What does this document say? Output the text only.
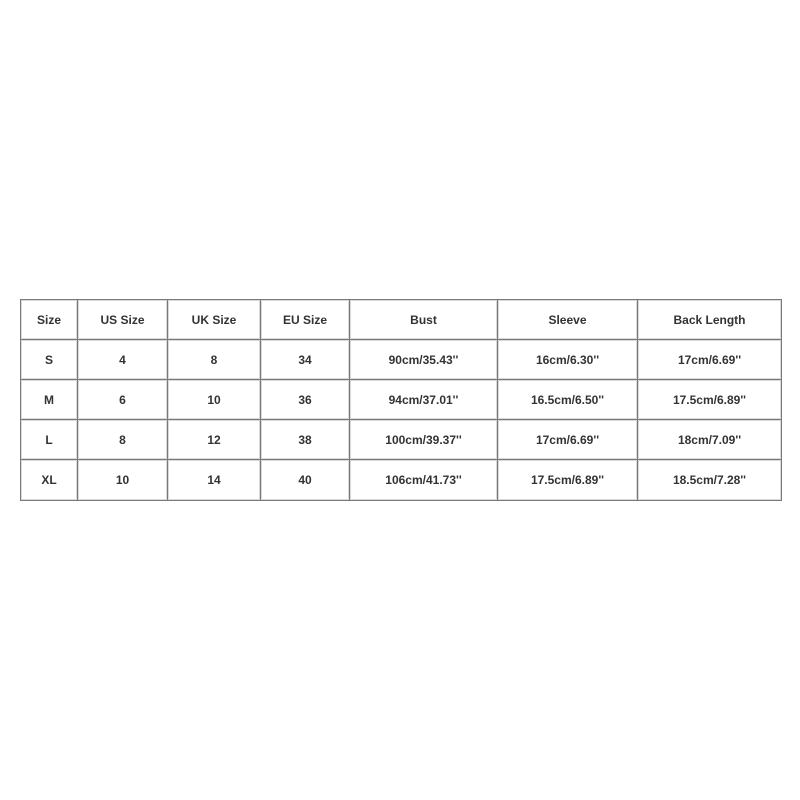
Size	US Size	UK Size	EU Size	Bust	Sleeve	Back Length
S	4	8	34	90cm/35.43''	16cm/6.30''	17cm/6.69''
M	6	10	36	94cm/37.01''	16.5cm/6.50''	17.5cm/6.89''
L	8	12	38	100cm/39.37''	17cm/6.69''	18cm/7.09''
XL	10	14	40	106cm/41.73''	17.5cm/6.89''	18.5cm/7.28''
